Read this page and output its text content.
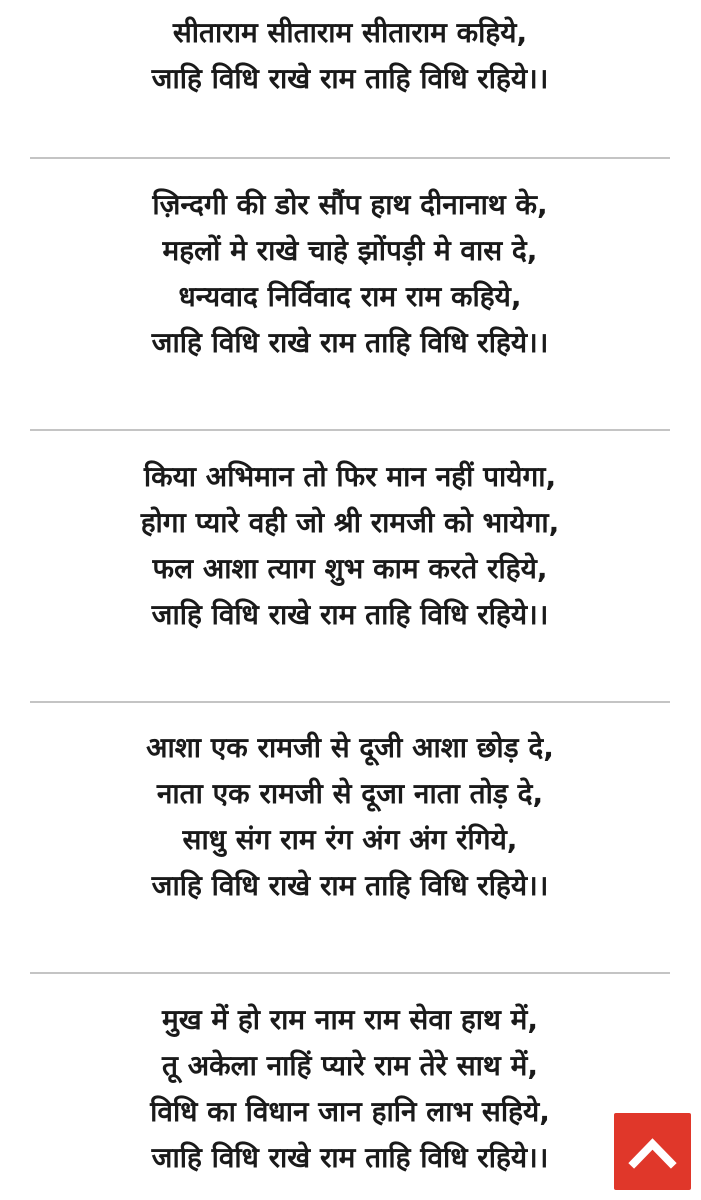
सीताराम सीताराम सीताराम कहिये,
जाहि विधि राखे राम ताहि विधि रहिये।।
ज़िन्दगी की डोर सौंप हाथ दीनानाथ के,
महलों मे राखे चाहे झोंपड़ी मे वास दे,
धन्यवाद निर्विवाद राम राम कहिये,
जाहि विधि राखे राम ताहि विधि रहिये।।
किया अभिमान तो फिर मान नहीं पायेगा,
होगा प्यारे वही जो श्री रामजी को भायेगा,
फल आशा त्याग शुभ काम करते रहिये,
जाहि विधि राखे राम ताहि विधि रहिये।।
आशा एक रामजी से दूजी आशा छोड़ दे,
नाता एक रामजी से दूजा नाता तोड़ दे,
साधु संग राम रंग अंग अंग रंगिये,
जाहि विधि राखे राम ताहि विधि रहिये।।
मुख में हो राम नाम राम सेवा हाथ में,
तू अकेला नाहिं प्यारे राम तेरे साथ में,
विधि का विधान जान हानि लाभ सहिये,
जाहि विधि राखे राम ताहि विधि रहिये।।
